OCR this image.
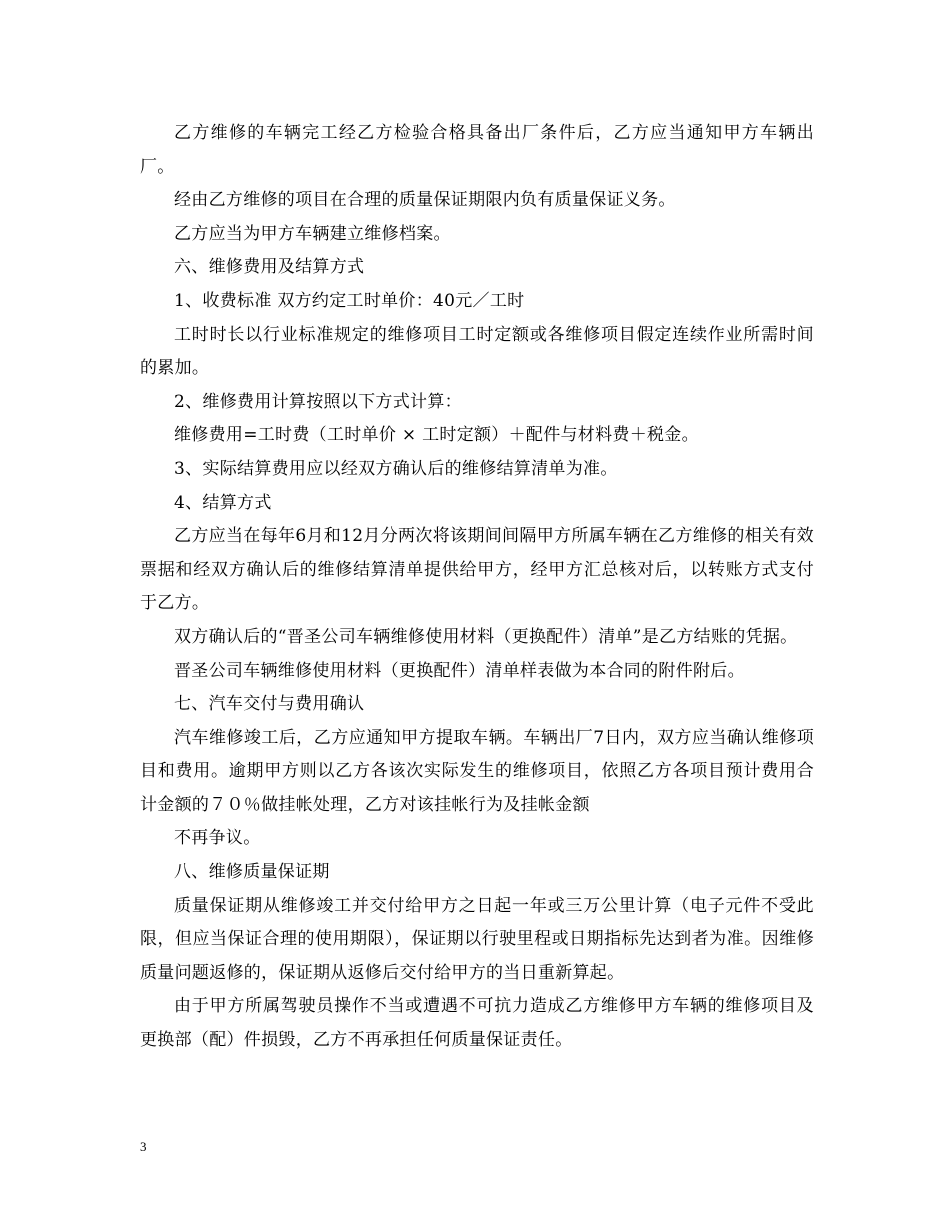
乙方维修的车辆完工经乙方检验合格具备出厂条件后，乙方应当通知甲方车辆出厂。

经由乙方维修的项目在合理的质量保证期限内负有质量保证义务。

乙方应当为甲方车辆建立维修档案。

六、维修费用及结算方式

1、收费标准 双方约定工时单价：40元／工时

工时时长以行业标准规定的维修项目工时定额或各维修项目假定连续作业所需时间的累加。

2、维修费用计算按照以下方式计算：

维修费用=工时费（工时单价 × 工时定额）＋配件与材料费＋税金。

3、实际结算费用应以经双方确认后的维修结算清单为准。

4、结算方式

乙方应当在每年6月和12月分两次将该期间间隔甲方所属车辆在乙方维修的相关有效票据和经双方确认后的维修结算清单提供给甲方，经甲方汇总核对后，以转账方式支付于乙方。

双方确认后的“晋圣公司车辆维修使用材料（更换配件）清单”是乙方结账的凭据。

晋圣公司车辆维修使用材料（更换配件）清单样表做为本合同的附件附后。

七、汽车交付与费用确认

汽车维修竣工后，乙方应通知甲方提取车辆。车辆出厂7日内，双方应当确认维修项目和费用。逾期甲方则以乙方各该次实际发生的维修项目，依照乙方各项目预计费用合计金额的７０％做挂帐处理，乙方对该挂帐行为及挂帐金额

不再争议。

八、维修质量保证期

质量保证期从维修竣工并交付给甲方之日起一年或三万公里计算（电子元件不受此限，但应当保证合理的使用期限），保证期以行驶里程或日期指标先达到者为准。因维修质量问题返修的，保证期从返修后交付给甲方的当日重新算起。

由于甲方所属驾驶员操作不当或遭遇不可抗力造成乙方维修甲方车辆的维修项目及更换部（配）件损毁，乙方不再承担任何质量保证责任。

3
